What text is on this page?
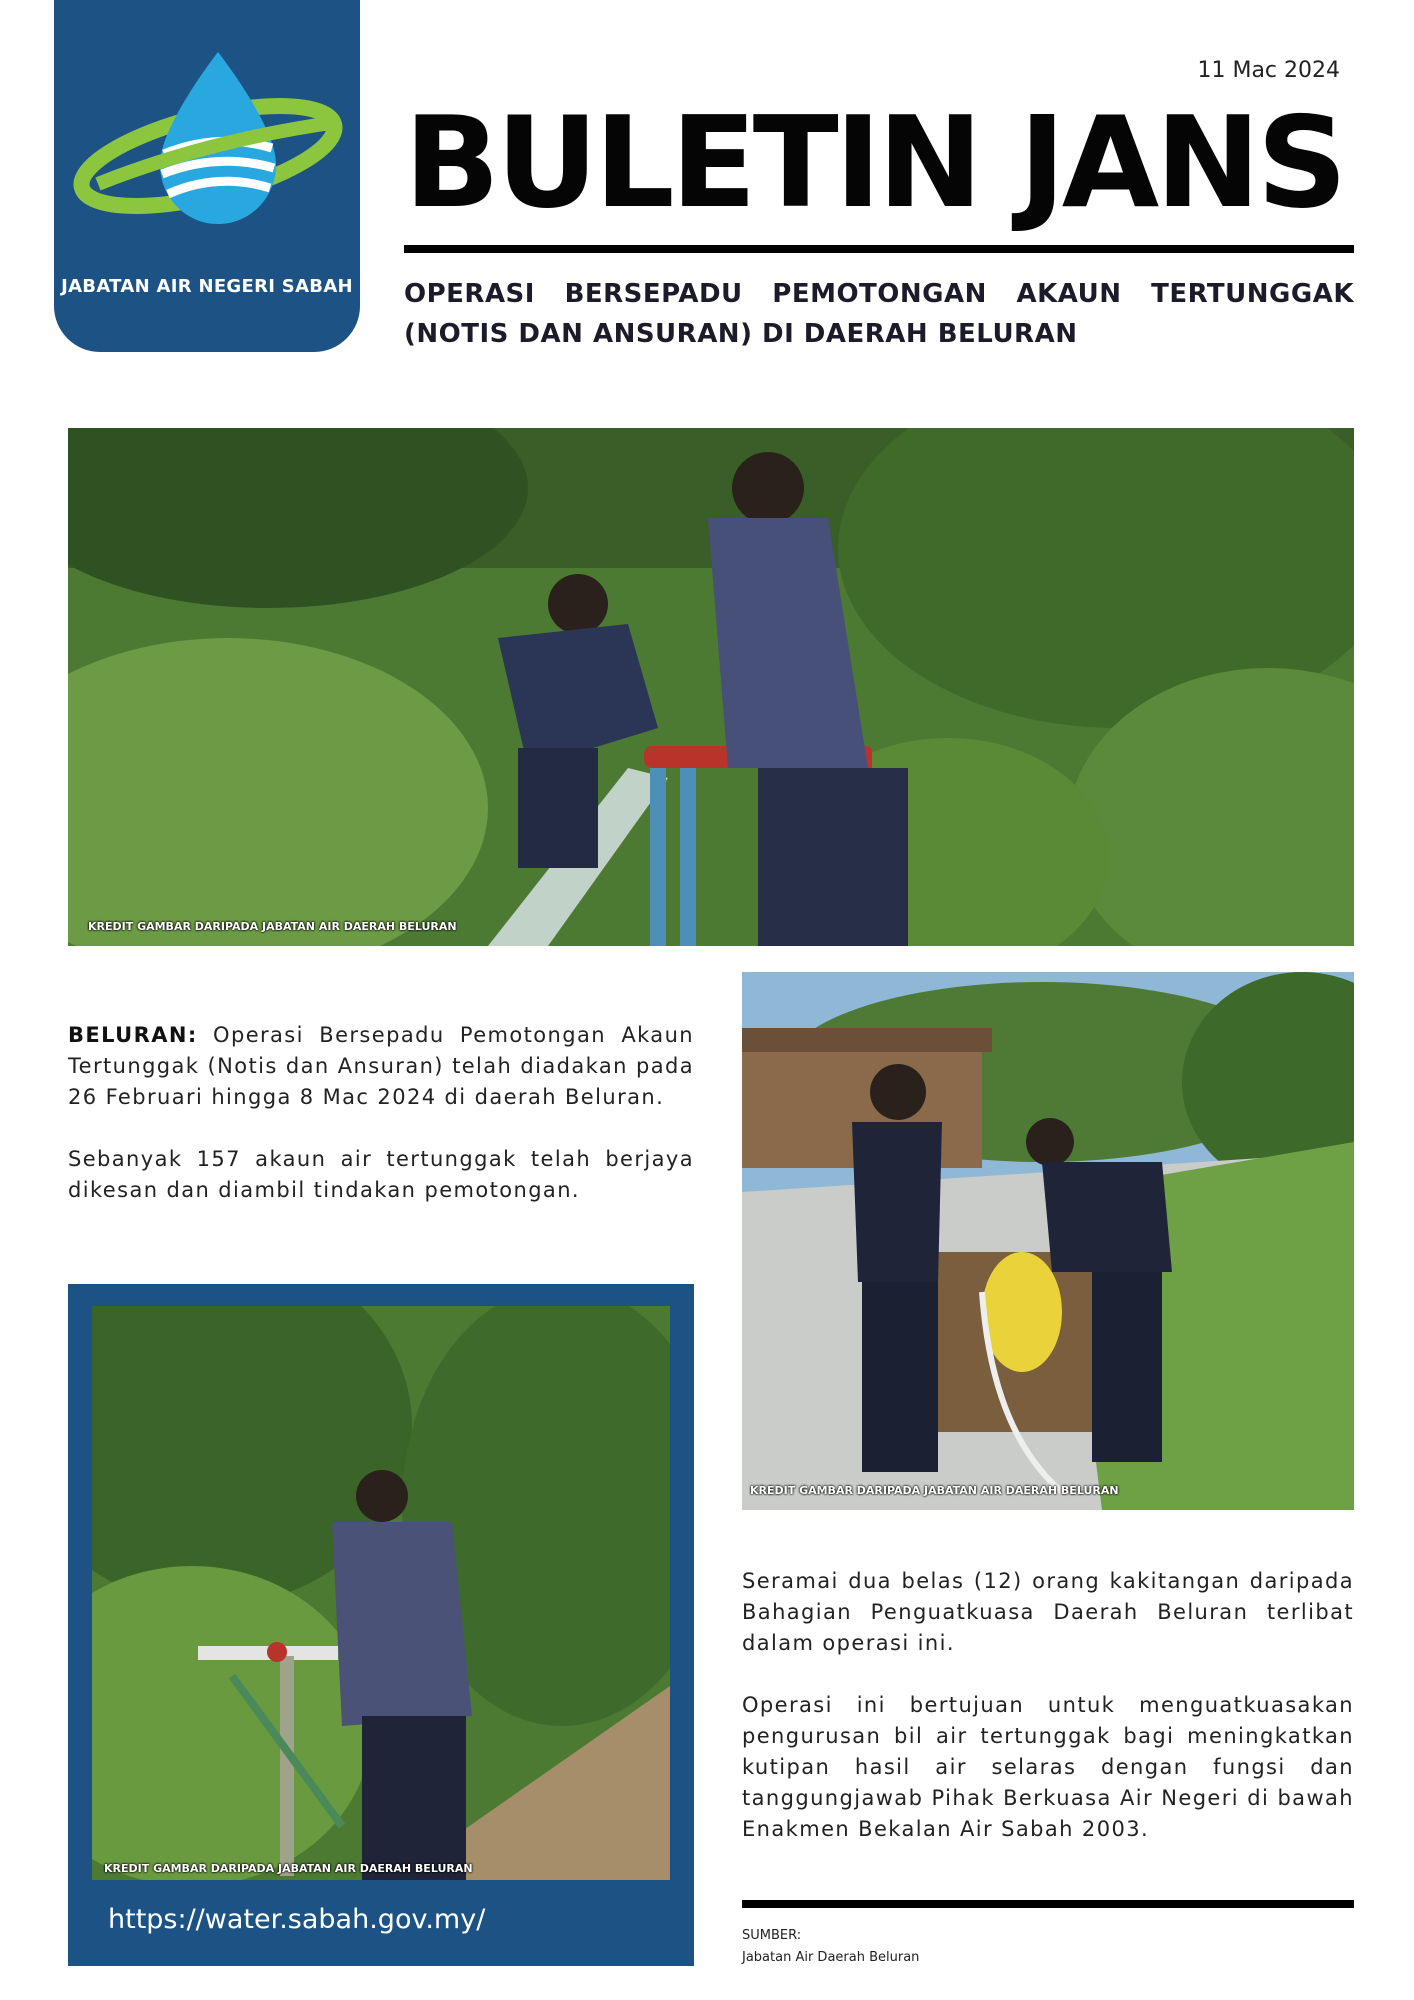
JABATAN AIR NEGERI SABAH
11 Mac 2024
BULETIN JANS
OPERASI BERSEPADU PEMOTONGAN AKAUN TERTUNGGAK (NOTIS DAN ANSURAN) DI DAERAH BELURAN
KREDIT GAMBAR DARIPADA JABATAN AIR DAERAH BELURAN

BELURAN: Operasi Bersepadu Pemotongan Akaun Tertunggak (Notis dan Ansuran) telah diadakan pada 26 Februari hingga 8 Mac 2024 di daerah Beluran.

Sebanyak 157 akaun air tertunggak telah berjaya dikesan dan diambil tindakan pemotongan.

KREDIT GAMBAR DARIPADA JABATAN AIR DAERAH BELURAN
KREDIT GAMBAR DARIPADA JABATAN AIR DAERAH BELURAN
https://water.sabah.gov.my/

Seramai dua belas (12) orang kakitangan daripada Bahagian Penguatkuasa Daerah Beluran terlibat dalam operasi ini.

Operasi ini bertujuan untuk menguatkuasakan pengurusan bil air tertunggak bagi meningkatkan kutipan hasil air selaras dengan fungsi dan tanggungjawab Pihak Berkuasa Air Negeri di bawah Enakmen Bekalan Air Sabah 2003.

SUMBER:
Jabatan Air Daerah Beluran
